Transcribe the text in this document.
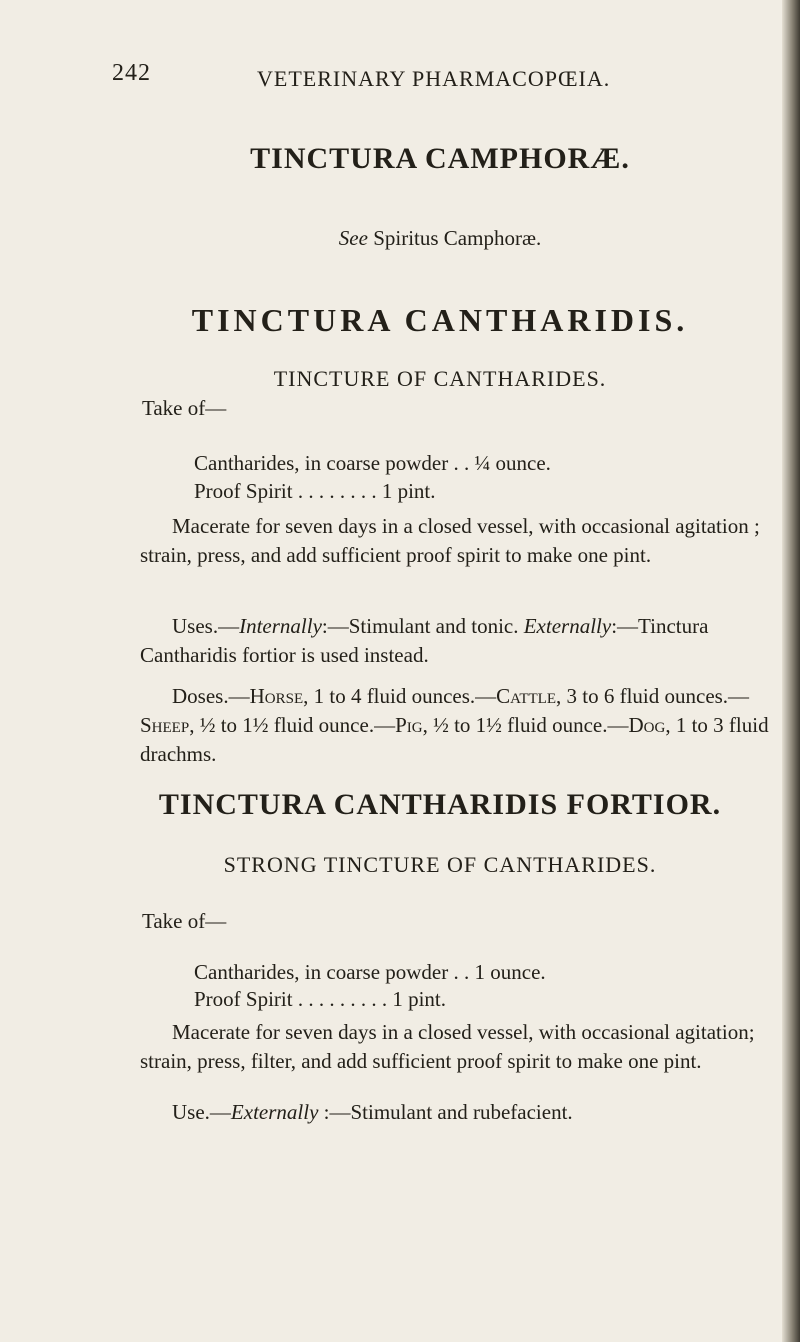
242	VETERINARY PHARMACOPŒIA.
TINCTURA CAMPHORÆ.
See Spiritus Camphoræ.
TINCTURA CANTHARIDIS.
TINCTURE OF CANTHARIDES.
Take of—
Cantharides, in coarse powder . . ¼ ounce.
Proof Spirit . . . . . . . . 1 pint.
Macerate for seven days in a closed vessel, with occasional agitation ; strain, press, and add sufficient proof spirit to make one pint.
Uses.—Internally:—Stimulant and tonic. Externally:—Tinctura Cantharidis fortior is used instead.
Doses.—Horse, 1 to 4 fluid ounces.—Cattle, 3 to 6 fluid ounces.—Sheep, ½ to 1½ fluid ounce.—Pig, ½ to 1½ fluid ounce.—Dog, 1 to 3 fluid drachms.
TINCTURA CANTHARIDIS FORTIOR.
STRONG TINCTURE OF CANTHARIDES.
Take of—
Cantharides, in coarse powder . . 1 ounce.
Proof Spirit . . . . . . . . . 1 pint.
Macerate for seven days in a closed vessel, with occasional agitation; strain, press, filter, and add sufficient proof spirit to make one pint.
Use.—Externally :—Stimulant and rubefacient.
